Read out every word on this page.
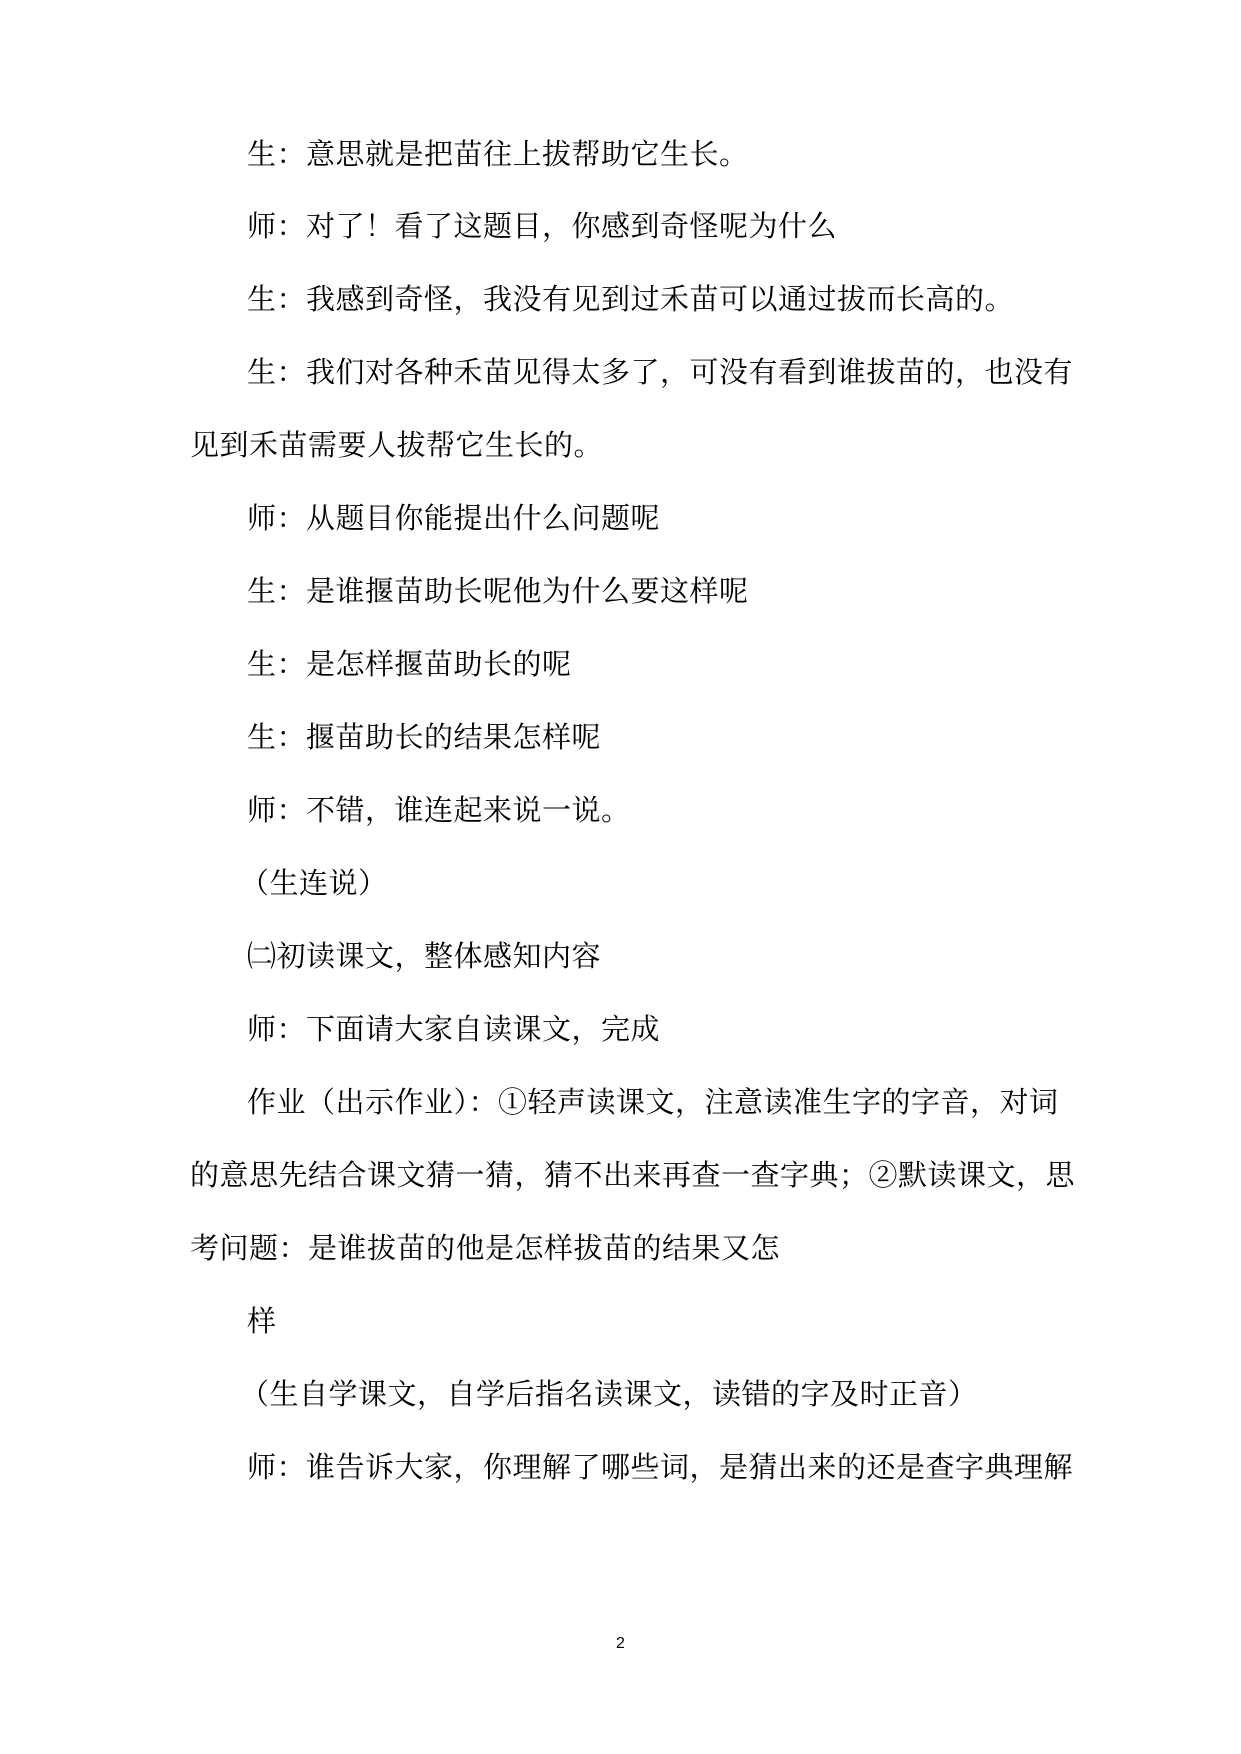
生：意思就是把苗往上拔帮助它生长。
师：对了！看了这题目，你感到奇怪呢为什么
生：我感到奇怪，我没有见到过禾苗可以通过拔而长高的。
生：我们对各种禾苗见得太多了，可没有看到谁拔苗的，也没有
见到禾苗需要人拔帮它生长的。
师：从题目你能提出什么问题呢
生：是谁揠苗助长呢他为什么要这样呢
生：是怎样揠苗助长的呢
生：揠苗助长的结果怎样呢
师：不错，谁连起来说一说。
（生连说）
㈡初读课文，整体感知内容
师：下面请大家自读课文，完成
作业（出示作业）：①轻声读课文，注意读准生字的字音，对词
的意思先结合课文猜一猜，猜不出来再查一查字典；②默读课文，思
考问题：是谁拔苗的他是怎样拔苗的结果又怎
样
（生自学课文，自学后指名读课文，读错的字及时正音）
师：谁告诉大家，你理解了哪些词，是猜出来的还是查字典理解
2
